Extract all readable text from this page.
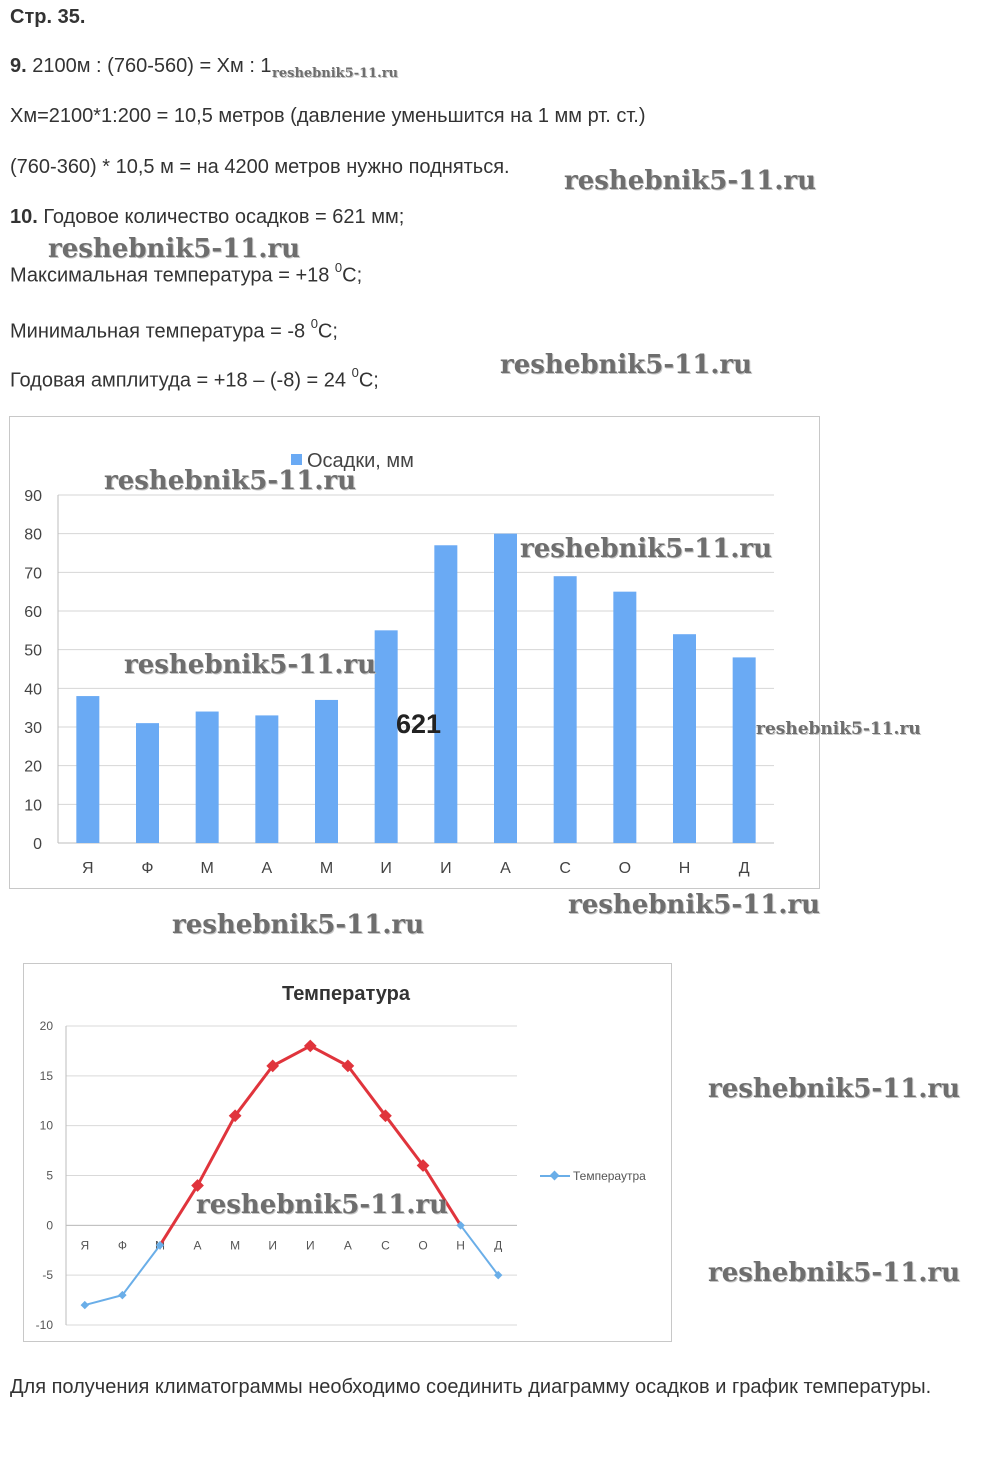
Стр. 35.
9. 2100м : (760-560) = Хм : 1
Хм=2100*1:200 = 10,5 метров (давление уменьшится на 1 мм рт. ст.)
(760-360) * 10,5 м = на 4200 метров нужно подняться.
10. Годовое количество осадков = 621 мм;
Максимальная температура = +18 $^0$C;
Минимальная температура = -8 $^0$C;
Годовая амплитуда = +18 – (-8) = 24 $^0$C;
0
10
20
30
40
50
60
70
80
90
Я	Ф	М	А	М	И	И	А	С	О	Н	Д
Осадки, мм
621
Температура
-10
-5
0
5
10
15
20
Я Ф	А М И И А С О Н Д
Темпераутра
Для получения климатограммы необходимо соединить диаграмму осадков и график температуры.
reshebnik5-11.ru
reshebnik5-11.ru
reshebnik5-11.ru
reshebnik5-11.ru
reshebnik5-11.ru
reshebnik5-11.ru
reshebnik5-11.ru
reshebnik5-11.ru
reshebnik5-11.ru
reshebnik5-11.ru
reshebnik5-11.ru
reshebnik5-11.ru
reshebnik5-11.ru
